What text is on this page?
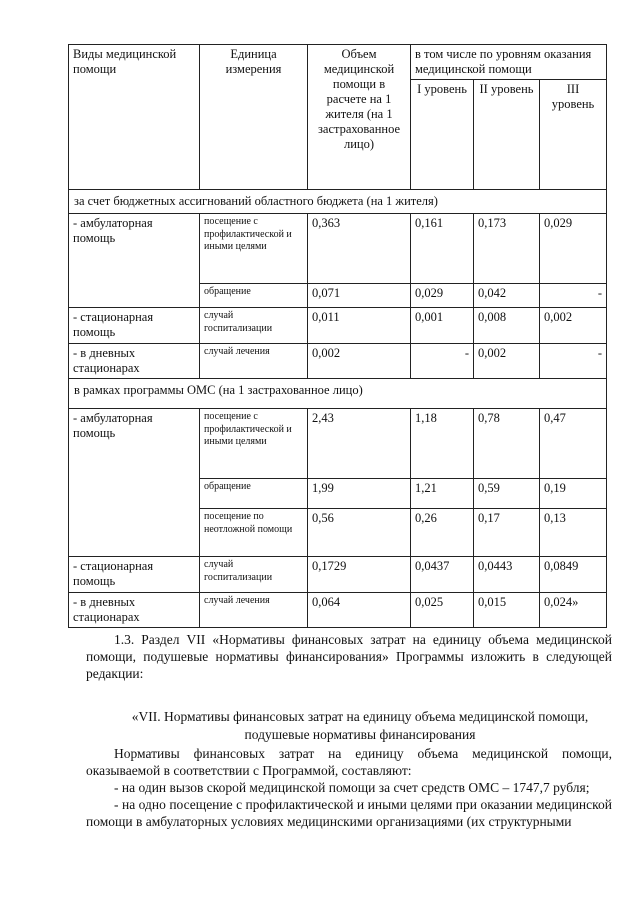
Виды медицинской помощи	Единица измерения	Объем медицинской помощи в расчете на 1 жителя (на 1 застрахованное лицо)	в том числе по уровням оказания медицинской помощи		
			I уровень	II уровень	III уровень
за счет бюджетных ассигнований областного бюджета (на 1 жителя)					
- амбулаторная помощь	посещение с профилактической и иными целями	0,363	0,161	0,173	0,029
	обращение	0,071	0,029	0,042	-
- стационарная помощь	случай госпитализации	0,011	0,001	0,008	0,002
- в дневных стационарах	случай лечения	0,002	-	0,002	-
в рамках программы ОМС (на 1 застрахованное лицо)					
- амбулаторная помощь	посещение с профилактической и иными целями	2,43	1,18	0,78	0,47
	обращение	1,99	1,21	0,59	0,19
	посещение по неотложной помощи	0,56	0,26	0,17	0,13
- стационарная помощь	случай госпитализации	0,1729	0,0437	0,0443	0,0849
- в дневных стационарах	случай лечения	0,064	0,025	0,015	0,024»

1.3. Раздел VII «Нормативы финансовых затрат на единицу объема медицинской помощи, подушевые нормативы финансирования» Программы изложить в следующей редакции:

«VII. Нормативы финансовых затрат на единицу объема медицинской помощи, подушевые нормативы финансирования

Нормативы финансовых затрат на единицу объема медицинской помощи, оказываемой в соответствии с Программой, составляют:

- на один вызов скорой медицинской помощи за счет средств ОМС – 1747,7 рубля;

- на одно посещение с профилактической и иными целями при оказании медицинской помощи в амбулаторных условиях медицинскими организациями (их структурными
